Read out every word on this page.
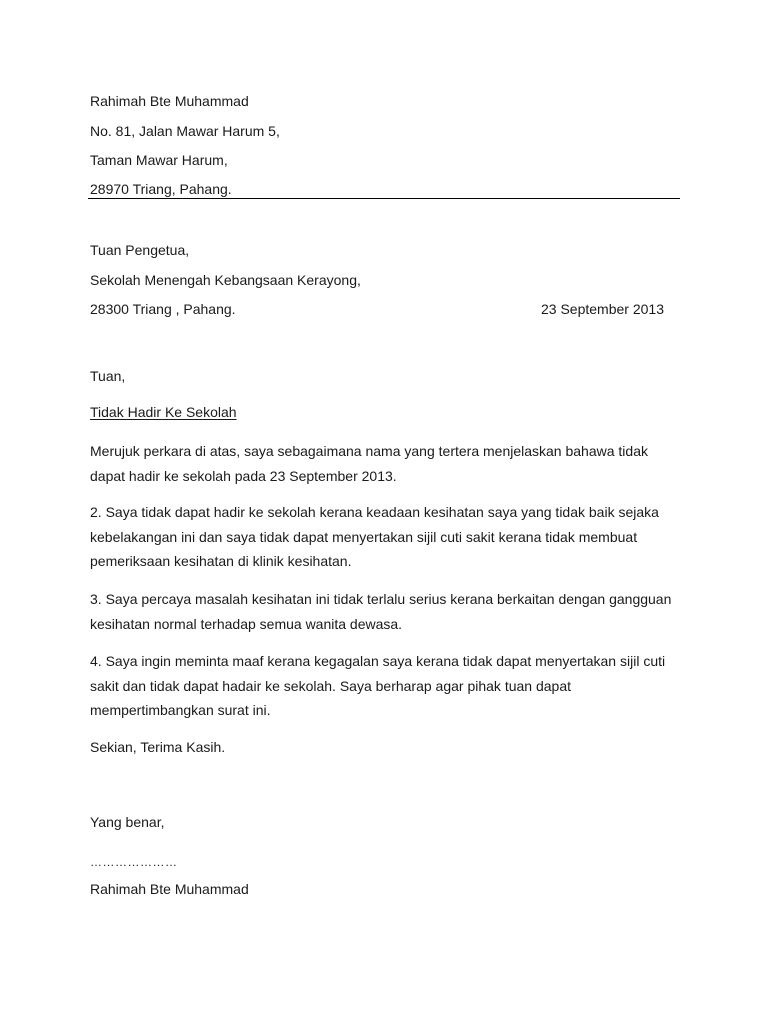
Rahimah Bte Muhammad
No. 81, Jalan Mawar Harum 5,
Taman Mawar Harum,
28970 Triang, Pahang.
Tuan Pengetua,
Sekolah Menengah Kebangsaan Kerayong,
28300 Triang , Pahang.	23 September 2013
Tuan,
Tidak Hadir Ke Sekolah
Merujuk perkara di atas, saya sebagaimana nama yang tertera menjelaskan bahawa tidak
dapat hadir ke sekolah pada 23 September 2013.
2. Saya tidak dapat hadir ke sekolah kerana keadaan kesihatan saya yang tidak baik sejaka
kebelakangan ini dan saya tidak dapat menyertakan sijil cuti sakit kerana tidak membuat
pemeriksaan kesihatan di klinik kesihatan.
3. Saya percaya masalah kesihatan ini tidak terlalu serius kerana berkaitan dengan gangguan
kesihatan normal terhadap semua wanita dewasa.
4. Saya ingin meminta maaf kerana kegagalan saya kerana tidak dapat menyertakan sijil cuti
sakit dan tidak dapat hadair ke sekolah. Saya berharap agar pihak tuan dapat
mempertimbangkan surat ini.
Sekian, Terima Kasih.
Yang benar,
…………………
Rahimah Bte Muhammad
